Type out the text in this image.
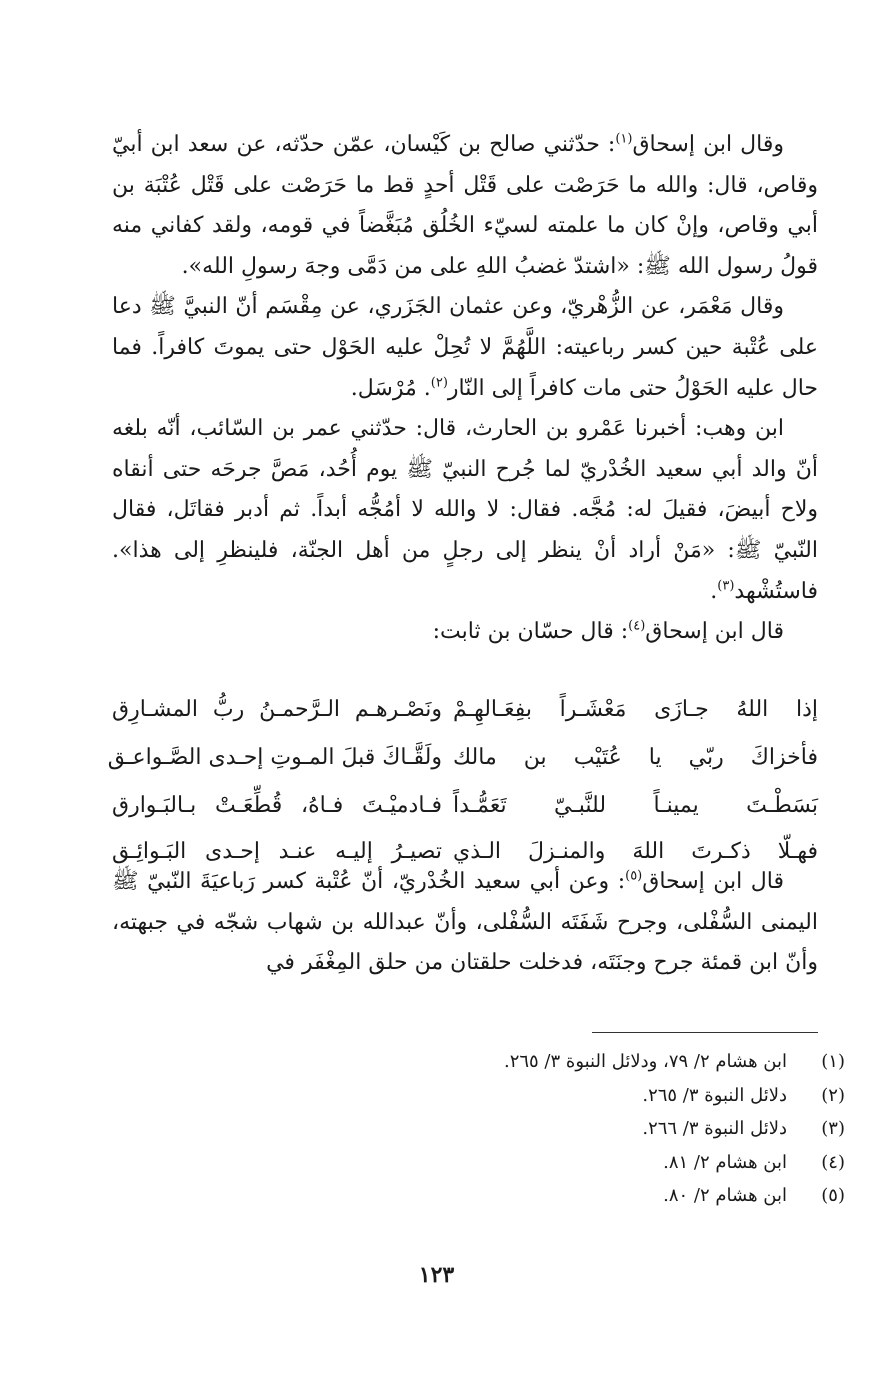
وقال ابن إسحاق$^{(١)}$: حدّثني صالح بن كَيْسان، عمّن حدّثه، عن سعد ابن أبيّ وقاص، قال: والله ما حَرَصْت على قَتْل أحدٍ قط ما حَرَصْت على قَتْل عُتْبَة بن أبي وقاص، وإنْ كان ما علمته لسيّء الخُلُق مُبَغَّضاً في قومه، ولقد كفاني منه قولُ رسول الله ﷺ: «اشتدّ غضبُ اللهِ على من دَمَّى وجهَ رسولِ الله».

وقال مَعْمَر، عن الزُّهْريّ، وعن عثمان الجَزَري، عن مِقْسَم أنّ النبيَّ ﷺ دعا على عُتْبة حين كسر رباعيته: اللَّهُمَّ لا تُحِلْ عليه الحَوْل حتى يموتَ كافراً. فما حال عليه الحَوْلُ حتى مات كافراً إلى النّار$^{(٢)}$. مُرْسَل.

ابن وهب: أخبرنا عَمْرو بن الحارث، قال: حدّثني عمر بن السّائب، أنّه بلغه أنّ والد أبي سعيد الخُدْريّ لما جُرح النبيّ ﷺ يوم أُحُد، مَصَّ جرحَه حتى أنقاه ولاح أبيضَ، فقيلَ له: مُجَّه. فقال: لا والله لا أمُجُّه أبداً. ثم أدبر فقاتَل، فقال النّبيّ ﷺ: «مَنْ أراد أنْ ينظر إلى رجلٍ من أهل الجنّة، فلينظرِ إلى هذا». فاستُشْهد$^{(٣)}$.

قال ابن إسحاق$^{(٤)}$: قال حسّان بن ثابت:

إذا اللهُ جـازَى مَعْشَـراً بفِعَـالهِـمْ
ونَصْـرهـم الـرَّحمـنُ ربُّ المشـارِق
فأخزاكَ ربّي يا عُتَيْب بن مالك
ولَقَّـاكَ قبلَ المـوتِ إحـدى الصَّـواعـق
بَسَطْـتَ يمينـاً للنَّبـيّ تَعَمُّـداً
فـادميْـتَ فـاهُ، قُطِّعَـتْ بـالبَـوارق
فهـلّا ذكـرتَ اللهَ والمنـزلَ الـذي
تصيـرُ إليـه عنـد إحـدى البَـوائِـق

قال ابن إسحاق$^{(٥)}$: وعن أبي سعيد الخُدْريّ، أنّ عُتْبة كسر رَباعيَةَ النّبيّ ﷺ اليمنى السُّفْلى، وجرح شَفَتَه السُّفْلى، وأنّ عبدالله بن شهاب شجّه في جبهته، وأنّ ابن قمئة جرح وجنَتَه، فدخلت حلقتان من حلق المِغْفَر في

(١)
ابن هشام ٢/ ٧٩، ودلائل النبوة ٣/ ٢٦٥.
(٢)
دلائل النبوة ٣/ ٢٦٥.
(٣)
دلائل النبوة ٣/ ٢٦٦.
(٤)
ابن هشام ٢/ ٨١.
(٥)
ابن هشام ٢/ ٨٠.
١٢٣
